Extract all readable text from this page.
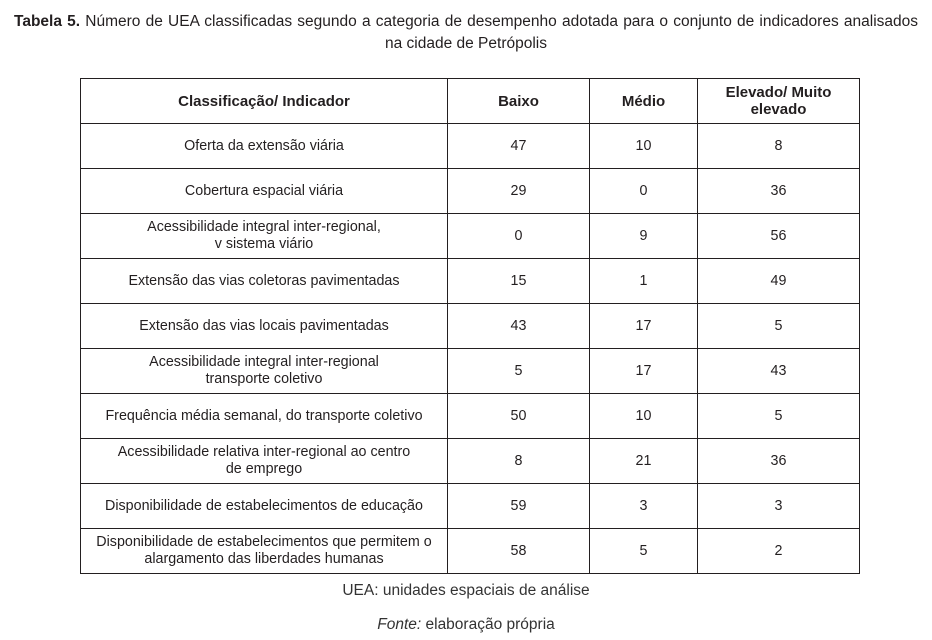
Tabela 5. Número de UEA classificadas segundo a categoria de desempenho adotada para o conjunto de indicadores analisados na cidade de Petrópolis
Classificação/ Indicador	Baixo	Médio	Elevado/ Muito elevado
Oferta da extensão viária	47	10	8
Cobertura espacial viária	29	0	36
Acessibilidade integral inter-regional,
v sistema viário	0	9	56
Extensão das vias coletoras pavimentadas	15	1	49
Extensão das vias locais pavimentadas	43	17	5
Acessibilidade integral inter-regional
transporte coletivo	5	17	43
Frequência média semanal, do transporte coletivo	50	10	5
Acessibilidade relativa inter-regional ao centro
de emprego	8	21	36
Disponibilidade de estabelecimentos de educação	59	3	3
Disponibilidade de estabelecimentos que permitem o
alargamento das liberdades humanas	58	5	2
UEA: unidades espaciais de análise
Fonte: elaboração própria
